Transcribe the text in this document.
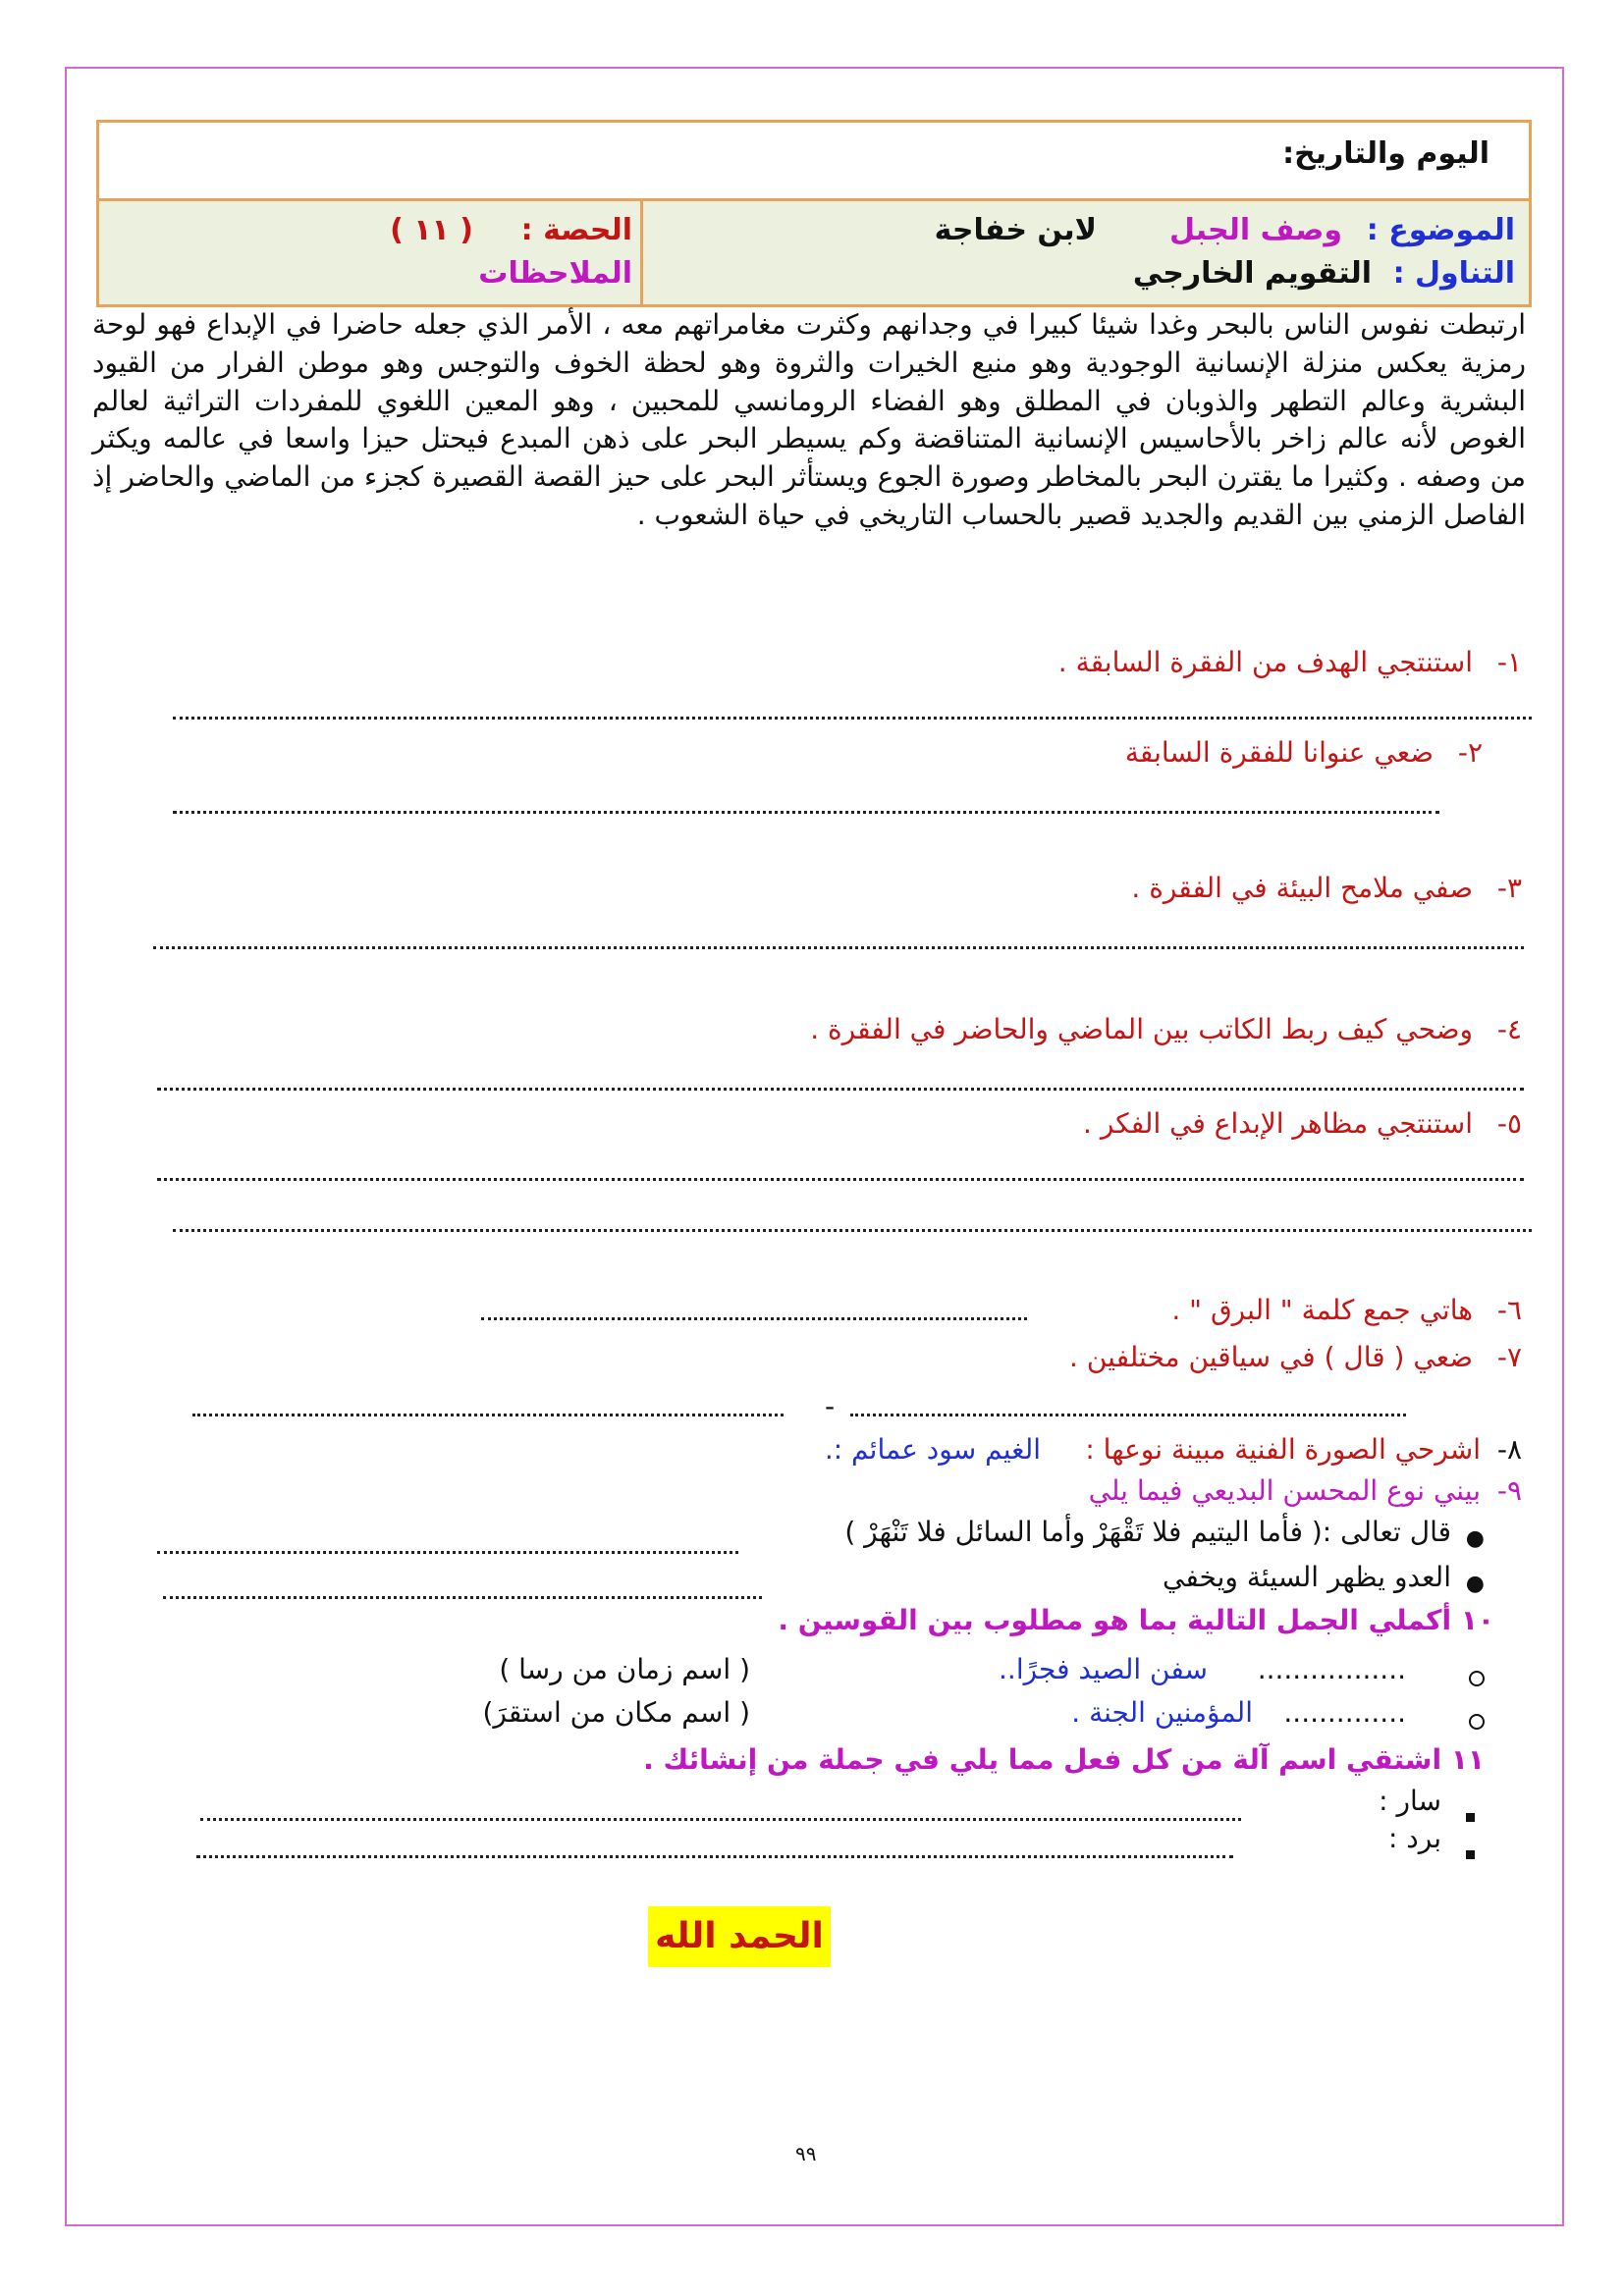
اليوم والتاريخ:
الموضوع :
وصف الجبل
لابن خفاجة
التناول :
التقويم الخارجي
الحصة :
( ١١ )
الملاحظات
ارتبطت نفوس الناس بالبحر وغدا شيئا كبيرا في وجدانهم وكثرت مغامراتهم معه ، الأمر الذي جعله حاضرا في الإبداع فهو لوحة رمزية يعكس منزلة الإنسانية الوجودية وهو منبع الخيرات والثروة وهو لحظة الخوف والتوجس وهو موطن الفرار من القيود البشرية وعالم التطهر والذوبان في المطلق وهو الفضاء الرومانسي للمحبين ، وهو المعين اللغوي للمفردات التراثية لعالم الغوص لأنه عالم زاخر بالأحاسيس الإنسانية المتناقضة وكم يسيطر البحر على ذهن المبدع فيحتل حيزا واسعا في عالمه ويكثر من وصفه . وكثيرا ما يقترن البحر بالمخاطر وصورة الجوع ويستأثر البحر على حيز القصة القصيرة كجزء من الماضي والحاضر إذ الفاصل الزمني بين القديم والجديد قصير بالحساب التاريخي في حياة الشعوب .
١-
استنتجي الهدف من الفقرة السابقة .
٢-
ضعي عنوانا للفقرة السابقة
٣-
صفي ملامح البيئة في الفقرة .
٤-
وضحي كيف ربط الكاتب بين الماضي والحاضر في الفقرة .
٥-
استنتجي مظاهر الإبداع في الفكر .
٦-
هاتي جمع كلمة " البرق " .
٧-
ضعي ( قال ) في سياقين مختلفين .
-
٨-
اشرحي الصورة الفنية مبينة نوعها :
الغيم سود عمائم :.
٩-
بيني نوع المحسن البديعي فيما يلي
●
قال تعالى :( فأما اليتيم فلا تَقْهَرْ وأما السائل فلا تَنْهَرْ )
●
العدو يظهر السيئة ويخفي
١٠ أكملي الجمل التالية بما هو مطلوب بين القوسين .
.................
سفن الصيد فجرًا..
( اسم زمان من رسا )
..............
المؤمنين الجنة .
( اسم مكان من استقرَ)
١١ اشتقي اسم آلة من كل فعل مما يلي في جملة من إنشائك .
سار :
برد :
الحمد الله
٩٩
